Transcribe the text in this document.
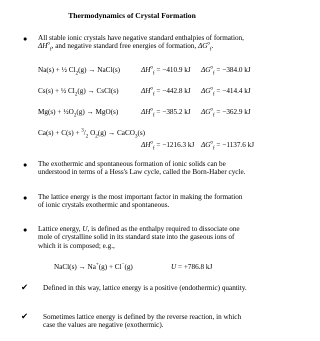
Thermodynamics of Crystal Formation
● All stable ionic crystals have negative standard enthalpies of formation,
$\Delta H^o_f$, and negative standard free energies of formation, $\Delta G^o_f$.
Na(s) + ½ $Cl_2(g)$ → NaCl(s)	$\Delta H^o_f = -410.9$ kJ $\Delta G^o_f = -384.0$ kJ
Cs(s) + ½ $Cl_2(g)$ → CsCl(s)	$\Delta H^o_f = -442.8$ kJ $\Delta G^o_f = -414.4$ kJ
$Mg(s) + \frac{1}{2}O_2(g) \to MgO(s)$	$\Delta H^o_f = -385.2$ kJ $\Delta G^o_f = -362.9$ kJ
$Ca(s) + C(s) + ^3/_2$ $O_2(g)$ → CaCO$_3$(s)
$\Delta H^o_f = -1216.3$ kJ $\Delta G^o_f = -1137.6$ kJ
● The exothermic and spontaneous formation of ionic solids can be understood in terms of a Hess's Law cycle, called the Born-Haber cycle.
● The lattice energy is the most important factor in making the formation of ionic crystals exothermic and spontaneous.
● Lattice energy, U, is defined as the enthalpy required to dissociate one mole of crystalline solid in its standard state into the gaseous ions of which it is composed; e.g.,
NaCl(s) → Na+(g) + Cl−(g)	U = +786.8 kJ
✔ Defined in this way, lattice energy is a positive (endothermic) quantity.
✔ Sometimes lattice energy is defined by the reverse reaction, in which case the values are negative (exothermic).
